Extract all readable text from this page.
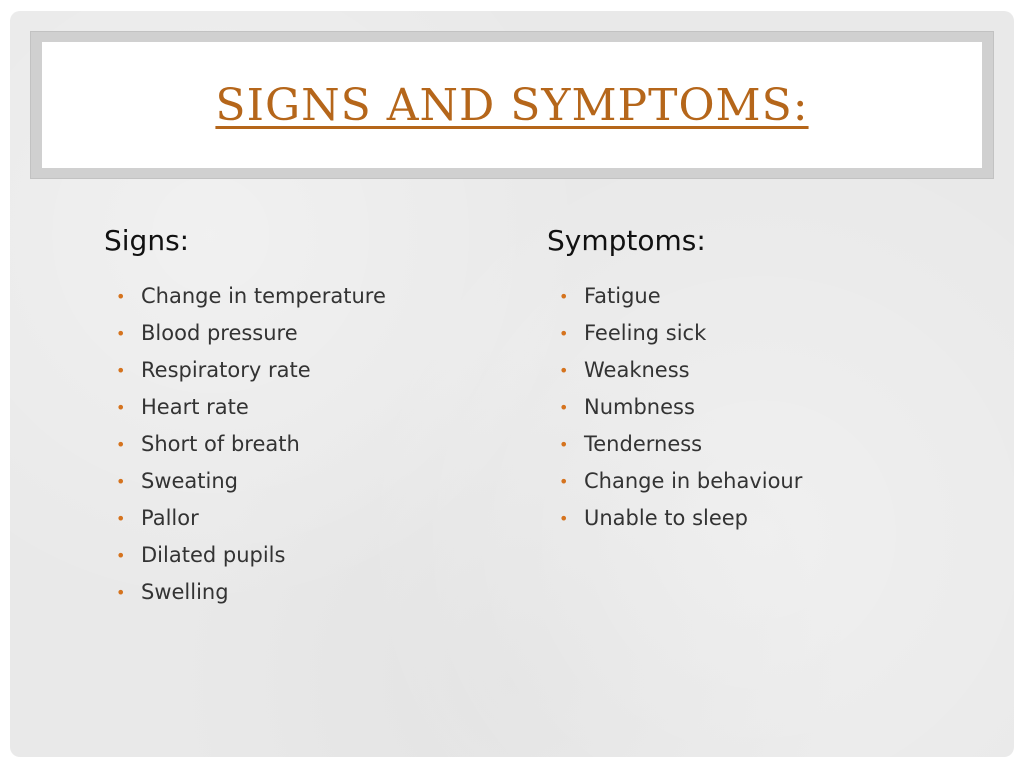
SIGNS AND SYMPTOMS:
Signs:
• Change in temperature
• Blood pressure
• Respiratory rate
• Heart rate
• Short of breath
• Sweating
• Pallor
• Dilated pupils
• Swelling
Symptoms:
• Fatigue
• Feeling sick
• Weakness
• Numbness
• Tenderness
• Change in behaviour
• Unable to sleep
